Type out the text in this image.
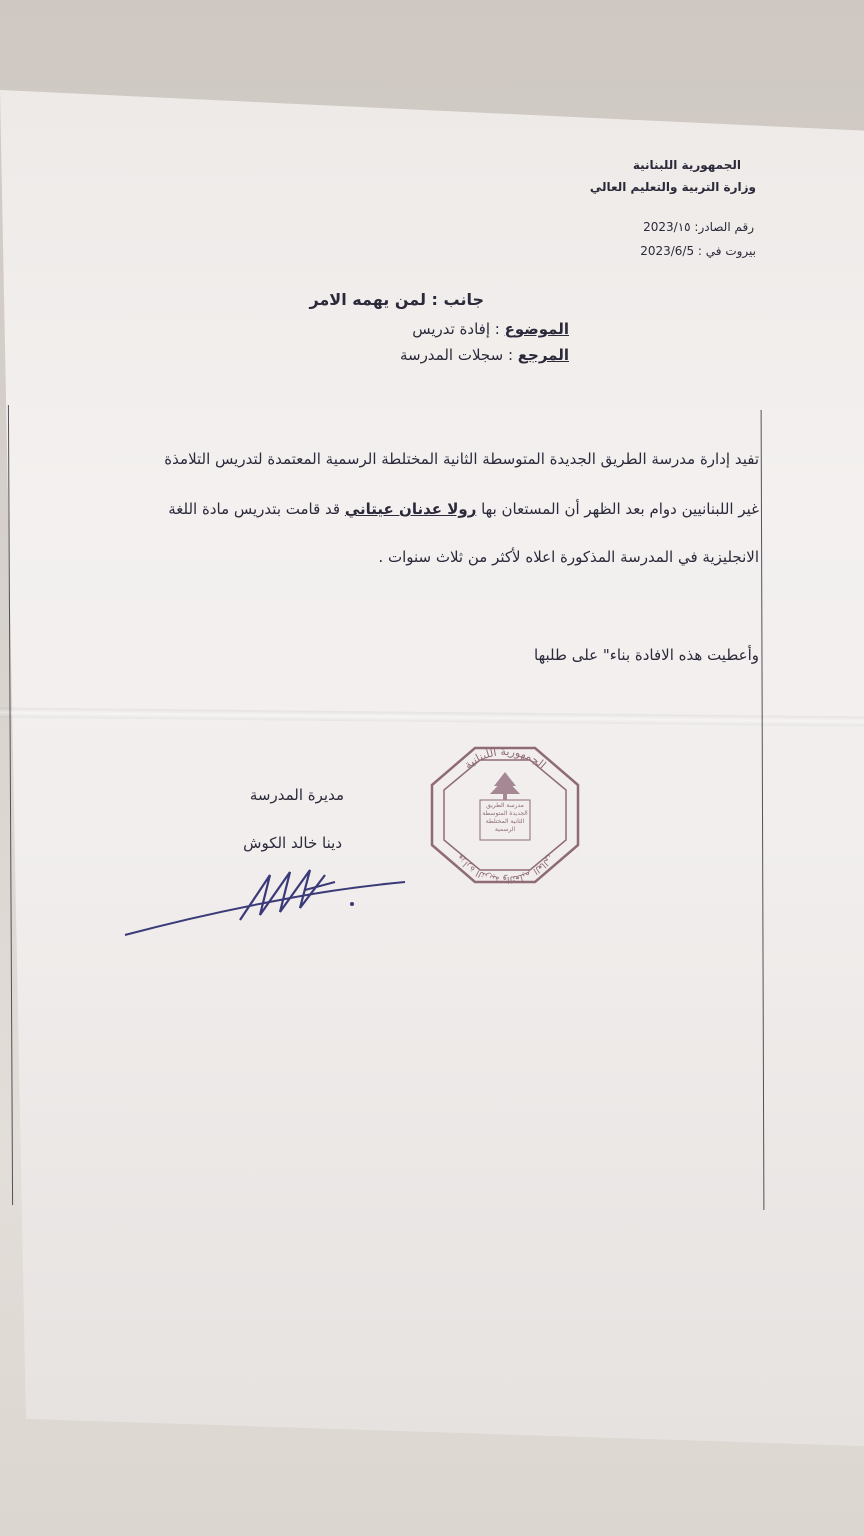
الجمهورية اللبنانية
وزارة التربية والتعليم العالي
رقم الصادر: 2023/١٥
بيروت في : 2023/6/5
جانب : لمن يهمه الامر
الموضوع : إفادة تدريس
المرجع : سجلات المدرسة
تفيد إدارة مدرسة الطريق الجديدة المتوسطة الثانية المختلطة الرسمية المعتمدة لتدريس التلامذة
غير اللبنانيين دوام بعد الظهر أن المستعان بها رولا عدنان عيتاني قد قامت بتدريس مادة اللغة
الانجليزية في المدرسة المذكورة اعلاه لأكثر من ثلاث سنوات .
وأعطيت هذه الافادة بناء" على طلبها
مديرة المدرسة
دينا خالد الكوش
الجمهورية اللبنانية
وزارة التربية والتعليم العالي
مدرسة الطريق الجديدة المتوسطة الثانية المختلطة الرسمية
